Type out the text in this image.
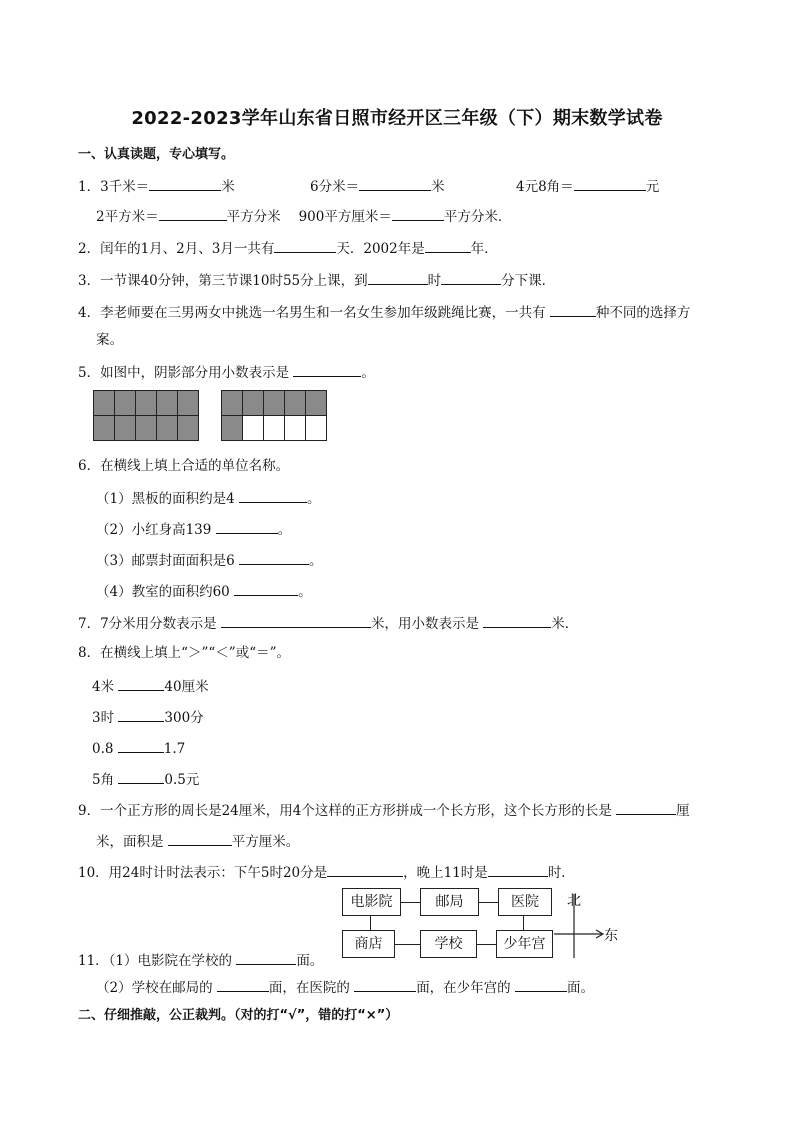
2022-2023学年山东省日照市经开区三年级（下）期末数学试卷
一、认真读题，专心填写。
1．3千米＝	米	6分米＝	米	4元8角＝	元
2平方米＝	平方分米 900平方厘米＝	平方分米．
2．闰年的1月、2月、3月一共有	天．2002年是	年．
3．一节课40分钟，第三节课10时55分上课，到	时	分下课．
4．李老师要在三男两女中挑选一名男生和一名女生参加年级跳绳比赛，一共有	种不同的选择方
案。
5．如图中，阴影部分用小数表示是	。

6．在横线上填上合适的单位名称。
（1）黑板的面积约是4	。
（2）小红身高139	。
（3）邮票封面面积是6	。
（4）教室的面积约60	。
7．7分米用分数表示是	米，用小数表示是	米．
8．在横线上填上“＞”“＜”或“＝”。
4米	40厘米
3时	300分
0.8	1.7
5角	0.5元
9．一个正方形的周长是24厘米，用4个这样的正方形拼成一个长方形，这个长方形的长是	厘
米，面积是	平方厘米。
10．用24时计时法表示：下午5时20分是	，晚上11时是	时．
电影院	邮局	医院
商店	学校	少年宫
北
东
11．（1）电影院在学校的	面。
（2）学校在邮局的	面，在医院的	面，在少年宫的	面。
二、仔细推敲，公正裁判。（对的打“√”，错的打“×”）
